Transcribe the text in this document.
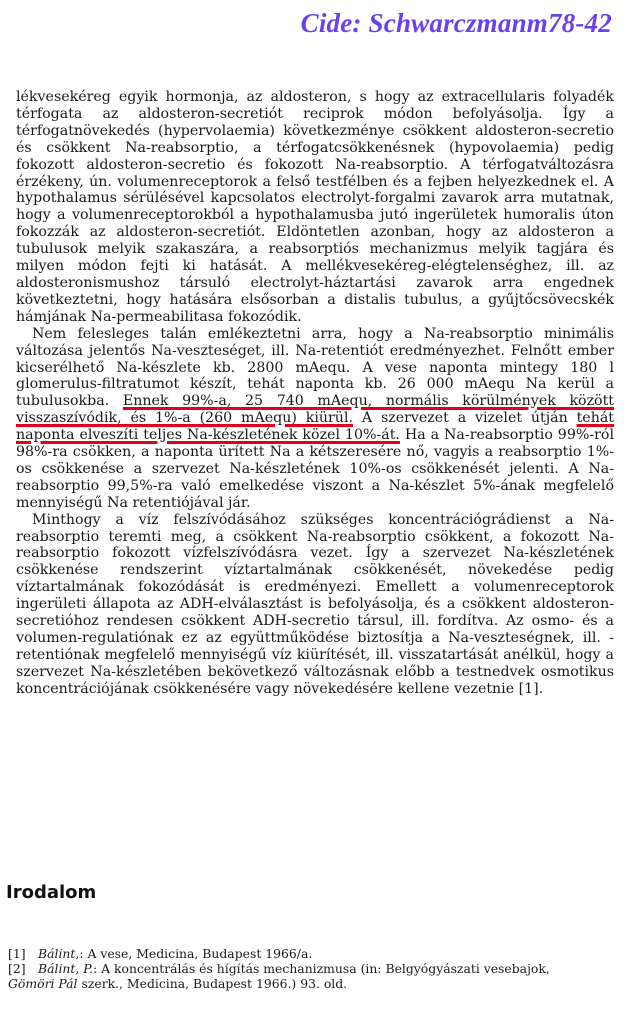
Cide: Schwarczmanm78-42

lékvesekéreg egyik hormonja, az aldosteron, s hogy az extracellularis folyadék térfogata az aldosteron-secretiót reciprok módon befolyásolja. Így a térfogatnövekedés (hypervolaemia) következménye csökkent aldosteron-secretio és csökkent Na-reabsorptio, a térfogatcsökkenésnek (hypovolaemia) pedig fokozott aldosteron-secretio és fokozott Na-reabsorptio. A térfogatváltozásra érzékeny, ún. volumenreceptorok a felső testfélben és a fejben helyezkednek el. A hypothalamus sérülésével kapcsolatos electrolyt-forgalmi zavarok arra mutatnak, hogy a volumenreceptorokból a hypothalamusba jutó ingerületek humoralis úton fokozzák az aldosteron-secretiót. Eldöntetlen azonban, hogy az aldosteron a tubulusok melyik szakaszára, a reabsorptiós mechanizmus melyik tagjára és milyen módon fejti ki hatását. A mellékvesekéreg-elégtelenséghez, ill. az aldosteronismushoz társuló electrolyt-háztartási zavarok arra engednek következtetni, hogy hatására elsősorban a distalis tubulus, a gyűjtőcsövecskék hámjának Na-permeabilitasa fokozódik.

Nem felesleges talán emlékeztetni arra, hogy a Na-reabsorptio minimális változása jelentős Na-veszteséget, ill. Na-retentiót eredményezhet. Felnőtt ember kicserélhető Na-készlete kb. 2800 mAequ. A vese naponta mintegy 180 l glomerulus-filtratumot készít, tehát naponta kb. 26 000 mAequ Na kerül a tubulusokba. Ennek 99%-a, 25 740 mAequ, normális körülmények között visszaszívódik, és 1%-a (260 mAequ) kiürül. A szervezet a vizelet útján tehát naponta elveszíti teljes Na-készletének közel 10%-át. Ha a Na-reabsorptio 99%-ról 98%-ra csökken, a naponta ürített Na a kétszeresére nő, vagyis a reabsorptio 1%-os csökkenése a szervezet Na-készletének 10%-os csökkenését jelenti. A Na-reabsorptio 99,5%-ra való emelkedése viszont a Na-készlet 5%-ának megfelelő mennyiségű Na retentiójával jár.

Minthogy a víz felszívódásához szükséges koncentrációgrádienst a Na-reabsorptio teremti meg, a csökkent Na-reabsorptio csökkent, a fokozott Na-reabsorptio fokozott vízfelszívódásra vezet. Így a szervezet Na-készletének csökkenése rendszerint víztartalmának csökkenését, növekedése pedig víztartalmának fokozódását is eredményezi. Emellett a volumenreceptorok ingerületi állapota az ADH-elválasztást is befolyásolja, és a csökkent aldosteron-secretióhoz rendesen csökkent ADH-secretio társul, ill. fordítva. Az osmo- és a volumen-regulatiónak ez az együttműködése biztosítja a Na-veszteségnek, ill. -retentiónak megfelelő mennyiségű víz kiürítését, ill. visszatartását anélkül, hogy a szervezet Na-készletében bekövetkező változásnak előbb a testnedvek osmotikus koncentrációjának csökkenésére vagy növekedésére kellene vezetnie [1].

Irodalom
[1]	Bálint,: A vese, Medicina, Budapest 1966/a.
[2]	Bálint, P.: A koncentrálás és hígítás mechanizmusa (in: Belgyógyászati vesebajok,
Gömöri Pál szerk., Medicina, Budapest 1966.) 93. old.
